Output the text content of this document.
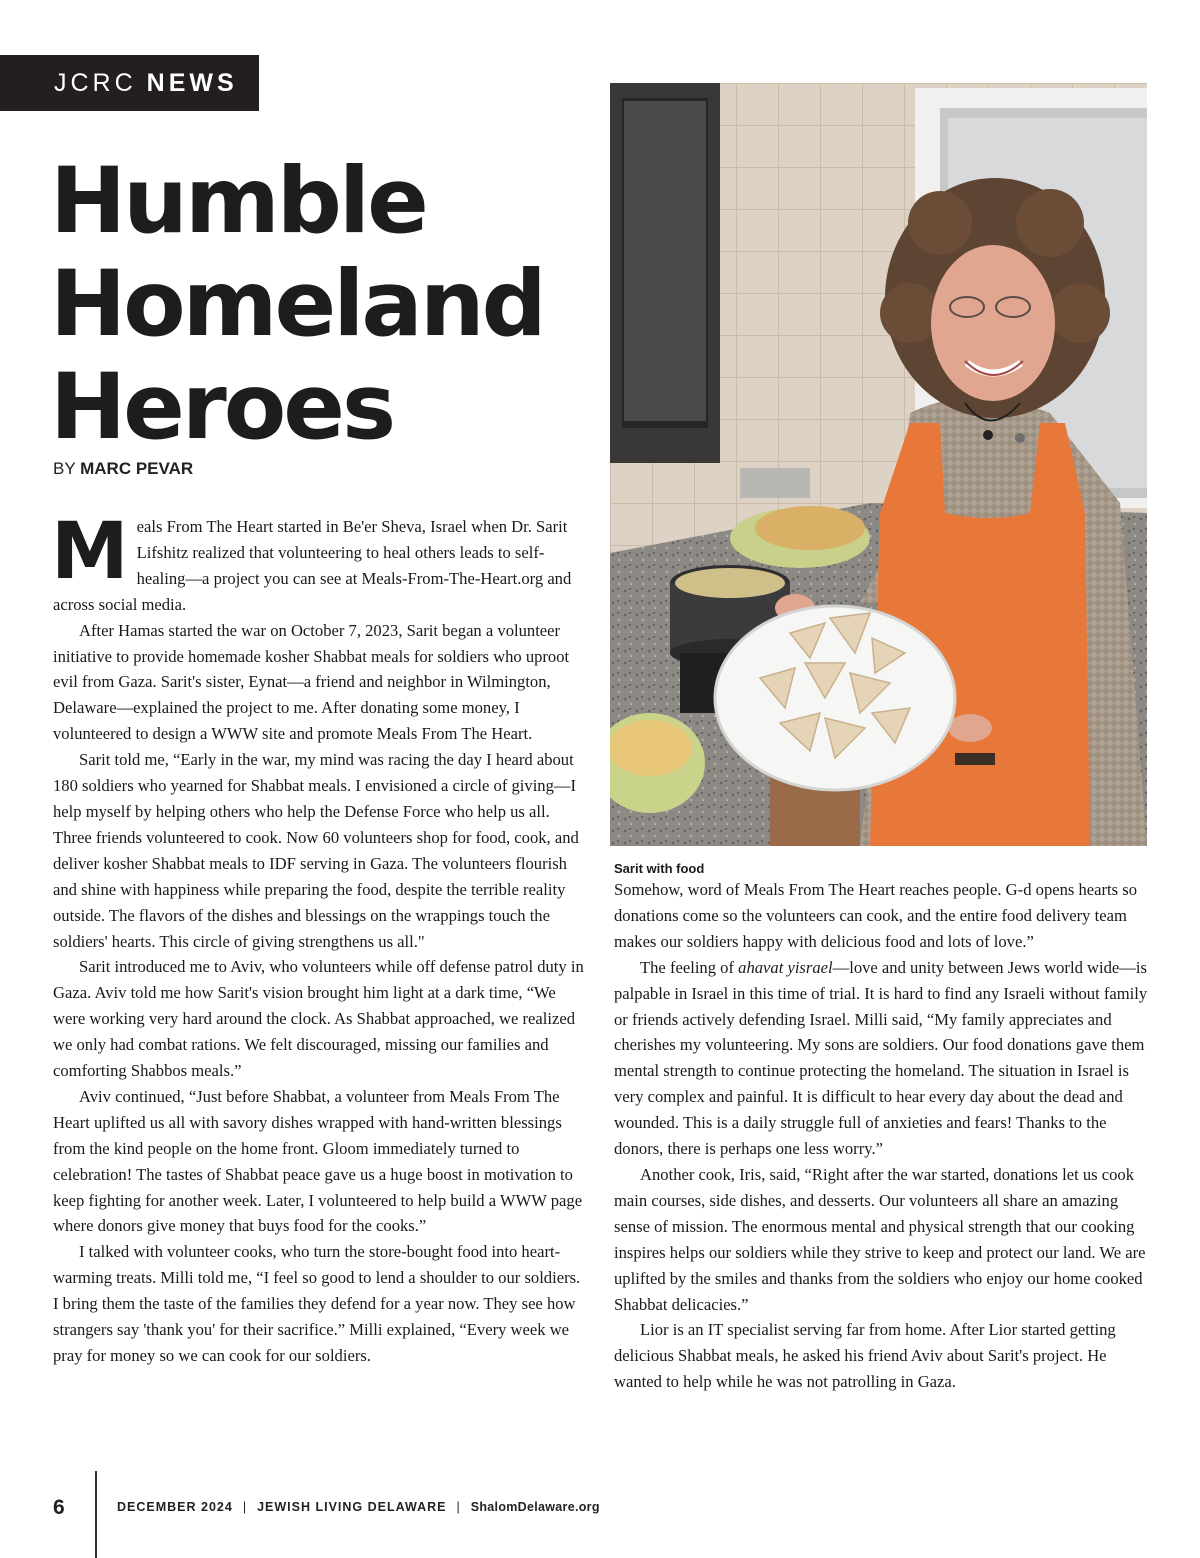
JCRC NEWS
Humble
Homeland
Heroes
BY MARC PEVAR

Meals From The Heart started in Be'er Sheva, Israel when Dr. Sarit Lifshitz realized that volunteering to heal others leads to self-healing—a project you can see at Meals-From-The-Heart.org and across social media.

After Hamas started the war on October 7, 2023, Sarit began a volunteer initiative to provide homemade kosher Shabbat meals for soldiers who uproot evil from Gaza. Sarit's sister, Eynat—a friend and neighbor in Wilmington, Delaware—explained the project to me. After donating some money, I volunteered to design a WWW site and promote Meals From The Heart.

Sarit told me, “Early in the war, my mind was racing the day I heard about 180 soldiers who yearned for Shabbat meals. I envisioned a circle of giving—I help myself by helping others who help the Defense Force who help us all. Three friends volunteered to cook. Now 60 volunteers shop for food, cook, and deliver kosher Shabbat meals to IDF serving in Gaza. The volunteers flourish and shine with happiness while preparing the food, despite the terrible reality outside. The flavors of the dishes and blessings on the wrappings touch the soldiers' hearts. This circle of giving strengthens us all."

Sarit introduced me to Aviv, who volunteers while off defense patrol duty in Gaza. Aviv told me how Sarit's vision brought him light at a dark time, “We were working very hard around the clock. As Shabbat approached, we realized we only had combat rations. We felt discouraged, missing our families and comforting Shabbos meals.”

Aviv continued, “Just before Shabbat, a volunteer from Meals From The Heart uplifted us all with savory dishes wrapped with hand-written blessings from the kind people on the home front. Gloom immediately turned to celebration! The tastes of Shabbat peace gave us a huge boost in motivation to keep fighting for another week. Later, I volunteered to help build a WWW page where donors give money that buys food for the cooks.”

I talked with volunteer cooks, who turn the store-bought food into heart-warming treats. Milli told me, “I feel so good to lend a shoulder to our soldiers. I bring them the taste of the families they defend for a year now. They see how strangers say 'thank you' for their sacrifice.” Milli explained, “Every week we pray for money so we can cook for our soldiers.

Sarit with food

Somehow, word of Meals From The Heart reaches people. G-d opens hearts so donations come so the volunteers can cook, and the entire food delivery team makes our soldiers happy with delicious food and lots of love.”

The feeling of ahavat yisrael—love and unity between Jews world wide—is palpable in Israel in this time of trial. It is hard to find any Israeli without family or friends actively defending Israel. Milli said, “My family appreciates and cherishes my volunteering. My sons are soldiers. Our food donations gave them mental strength to continue protecting the homeland. The situation in Israel is very complex and painful. It is difficult to hear every day about the dead and wounded. This is a daily struggle full of anxieties and fears! Thanks to the donors, there is perhaps one less worry.”

Another cook, Iris, said, “Right after the war started, donations let us cook main courses, side dishes, and desserts. Our volunteers all share an amazing sense of mission. The enormous mental and physical strength that our cooking inspires helps our soldiers while they strive to keep and protect our land. We are uplifted by the smiles and thanks from the soldiers who enjoy our home cooked Shabbat delicacies.”

Lior is an IT specialist serving far from home. After Lior started getting delicious Shabbat meals, he asked his friend Aviv about Sarit's project. He wanted to help while he was not patrolling in Gaza.

6	DECEMBER 2024 | JEWISH LIVING DELAWARE | ShalomDelaware.org
